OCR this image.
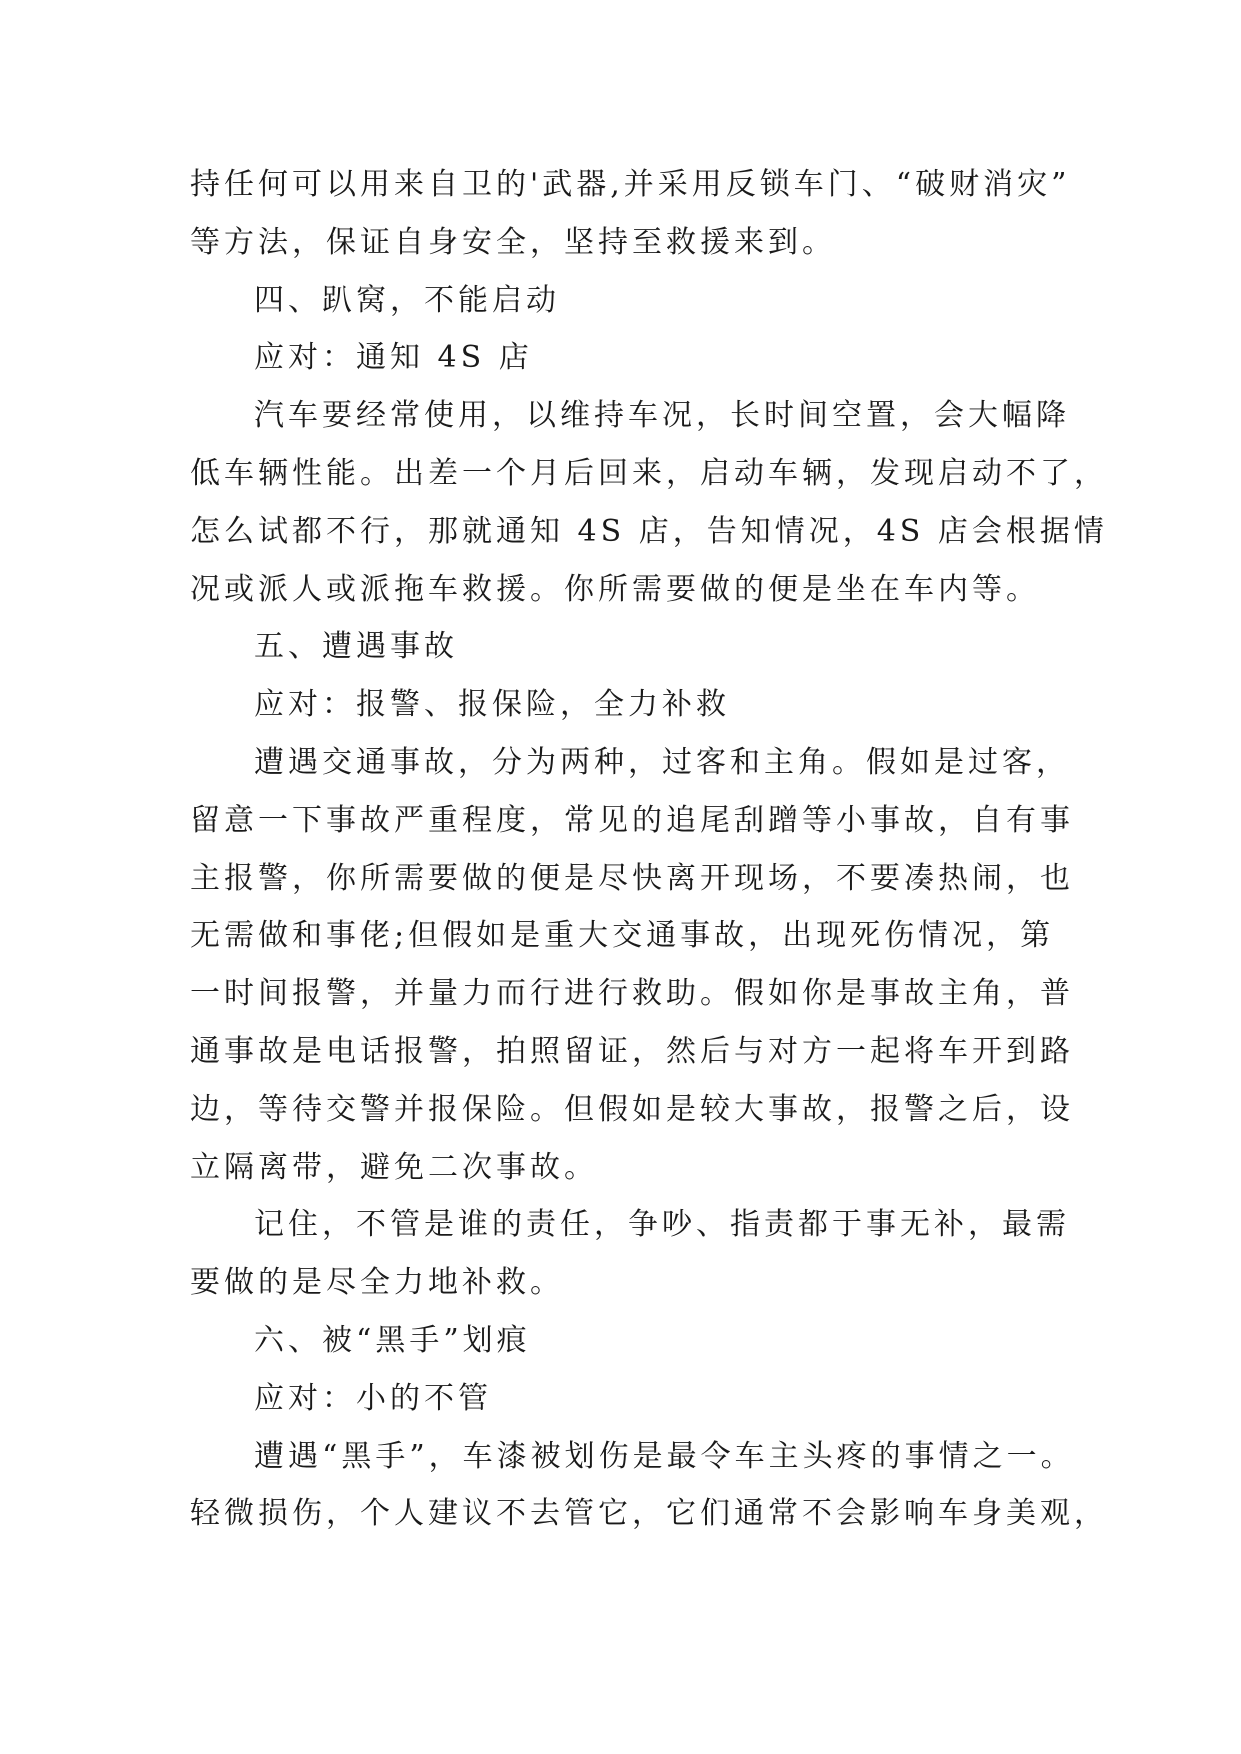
持任何可以用来自卫的'武器,并采用反锁车门、“破财消灾”
等方法，保证自身安全，坚持至救援来到。
四、趴窝，不能启动
应对：通知 4S 店
汽车要经常使用，以维持车况，长时间空置，会大幅降
低车辆性能。出差一个月后回来，启动车辆，发现启动不了，
怎么试都不行，那就通知 4S 店，告知情况，4S 店会根据情
况或派人或派拖车救援。你所需要做的便是坐在车内等。
五、遭遇事故
应对：报警、报保险，全力补救
遭遇交通事故，分为两种，过客和主角。假如是过客，
留意一下事故严重程度，常见的追尾刮蹭等小事故，自有事
主报警，你所需要做的便是尽快离开现场，不要凑热闹，也
无需做和事佬;但假如是重大交通事故，出现死伤情况，第
一时间报警，并量力而行进行救助。假如你是事故主角，普
通事故是电话报警，拍照留证，然后与对方一起将车开到路
边，等待交警并报保险。但假如是较大事故，报警之后，设
立隔离带，避免二次事故。
记住，不管是谁的责任，争吵、指责都于事无补，最需
要做的是尽全力地补救。
六、被“黑手”划痕
应对：小的不管
遭遇“黑手”，车漆被划伤是最令车主头疼的事情之一。
轻微损伤，个人建议不去管它，它们通常不会影响车身美观，
